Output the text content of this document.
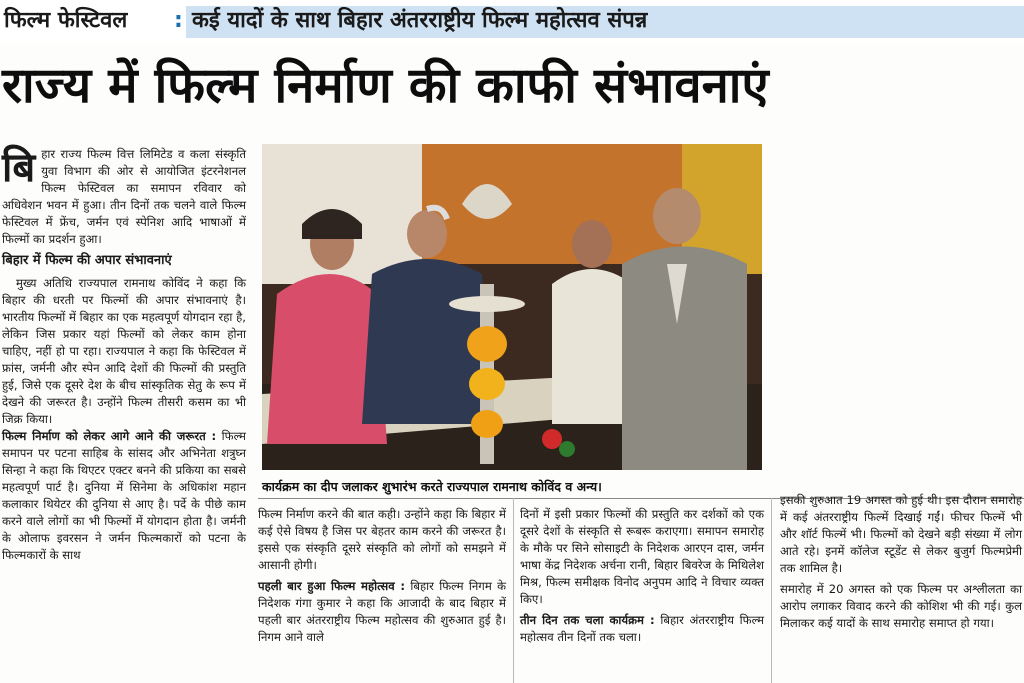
फिल्म फेस्टिवल : कई यादों के साथ बिहार अंतरराष्ट्रीय फिल्म महोत्सव संपन्न
राज्य में फिल्म निर्माण की काफी संभावनाएं

बि हार राज्य फिल्म वित्त लिमिटेड व कला संस्कृति युवा विभाग की ओर से आयोजित इंटरनेशनल फिल्म फेस्टिवल का समापन रविवार को अधिवेशन भवन में हुआ। तीन दिनों तक चलने वाले फिल्म फेस्टिवल में फ्रेंच, जर्मन एवं स्पेनिश आदि भाषाओं में फिल्मों का प्रदर्शन हुआ।

बिहार में फिल्म की अपार संभावनाएं

मुख्य अतिथि राज्यपाल रामनाथ कोविंद ने कहा कि बिहार की धरती पर फिल्मों की अपार संभावनाएं है। भारतीय फिल्मों में बिहार का एक महत्वपूर्ण योगदान रहा है, लेकिन जिस प्रकार यहां फिल्मों को लेकर काम होना चाहिए, नहीं हो पा रहा। राज्यपाल ने कहा कि फेस्टिवल में फ्रांस, जर्मनी और स्पेन आदि देशों की फिल्मों की प्रस्तुति हुई, जिसे एक दूसरे देश के बीच सांस्कृतिक सेतु के रूप में देखने की जरूरत है। उन्होंने फिल्म तीसरी कसम का भी जिक्र किया।

फिल्म निर्माण को लेकर आगे आने की जरूरत : फिल्म समापन पर पटना साहिब के सांसद और अभिनेता शत्रुघ्न सिन्हा ने कहा कि थिएटर एक्टर बनने की प्रकिया का सबसे महत्वपूर्ण पार्ट है। दुनिया में सिनेमा के अधिकांश महान कलाकार थियेटर की दुनिया से आए है। पर्दे के पीछे काम करने वाले लोगों का भी फिल्मों में योगदान होता है। जर्मनी के ओलाफ इवरसन ने जर्मन फिल्मकारों को पटना के फिल्मकारों के साथ

कार्यक्रम का दीप जलाकर शुभारंभ करते राज्यपाल रामनाथ कोविंद व अन्य।

फिल्म निर्माण करने की बात कही। उन्होंने कहा कि बिहार में कई ऐसे विषय है जिस पर बेहतर काम करने की जरूरत है। इससे एक संस्कृति दूसरे संस्कृति को लोगों को समझने में आसानी होगी।

पहली बार हुआ फिल्म महोत्सव : बिहार फिल्म निगम के निदेशक गंगा कुमार ने कहा कि आजादी के बाद बिहार में पहली बार अंतरराष्ट्रीय फिल्म महोत्सव की शुरुआत हुई है। निगम आने वाले

दिनों में इसी प्रकार फिल्मों की प्रस्तुति कर दर्शकों को एक दूसरे देशों के संस्कृति से रूबरू कराएगा। समापन समारोह के मौके पर सिने सोसाइटी के निदेशक आरएन दास, जर्मन भाषा केंद्र निदेशक अर्चना रानी, बिहार बिवरेज के मिथिलेश मिश्र, फिल्म समीक्षक विनोद अनुपम आदि ने विचार व्यक्त किए।

तीन दिन तक चला कार्यक्रम : बिहार अंतरराष्ट्रीय फिल्म महोत्सव तीन दिनों तक चला।

इसकी शुरुआत 19 अगस्त को हुई थी। इस दौरान समारोह में कई अंतरराष्ट्रीय फिल्में दिखाई गईं। फीचर फिल्में भी और शॉर्ट फिल्में भी। फिल्मों को देखने बड़ी संख्या में लोग आते रहे। इनमें कॉलेज स्टूडेंट से लेकर बुजुर्ग फिल्मप्रेमी तक शामिल है।

समारोह में 20 अगस्त को एक फिल्म पर अश्लीलता का आरोप लगाकर विवाद करने की कोशिश भी की गई। कुल मिलाकर कई यादों के साथ समारोह समाप्त हो गया।
